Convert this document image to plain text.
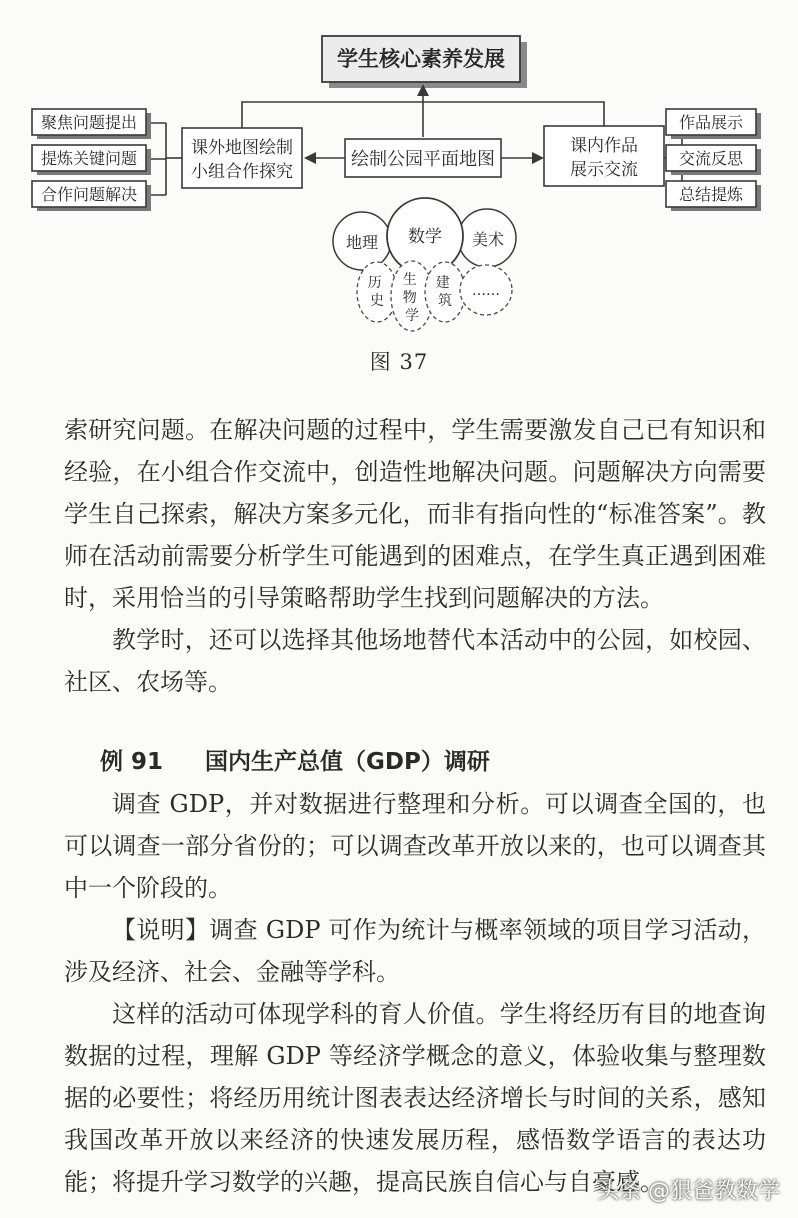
学生核心素养发展
绘制公园平面地图
课外地图绘制
小组合作探究
课内作品
展示交流
聚焦问题提出
提炼关键问题
合作问题解决
作品展示
交流反思
总结提炼
地理 数学 美术
历 史
生 物 学
建 筑
……
图 37

索研究问题。在解决问题的过程中，学生需要激发自己已有知识和经验，在小组合作交流中，创造性地解决问题。问题解决方向需要学生自己探索，解决方案多元化，而非有指向性的“标准答案”。教师在活动前需要分析学生可能遇到的困难点，在学生真正遇到困难时，采用恰当的引导策略帮助学生找到问题解决的方法。

教学时，还可以选择其他场地替代本活动中的公园，如校园、社区、农场等。

例 91 国内生产总值（GDP）调研

调查 GDP，并对数据进行整理和分析。可以调查全国的，也可以调查一部分省份的；可以调查改革开放以来的，也可以调查其中一个阶段的。

【说明】调查 GDP 可作为统计与概率领域的项目学习活动，涉及经济、社会、金融等学科。

这样的活动可体现学科的育人价值。学生将经历有目的地查询数据的过程，理解 GDP 等经济学概念的意义，体验收集与整理数据的必要性；将经历用统计图表表达经济增长与时间的关系，感知我国改革开放以来经济的快速发展历程，感悟数学语言的表达功能；将提升学习数学的兴趣，提高民族自信心与自豪感。

头条 @狠爸教数学
